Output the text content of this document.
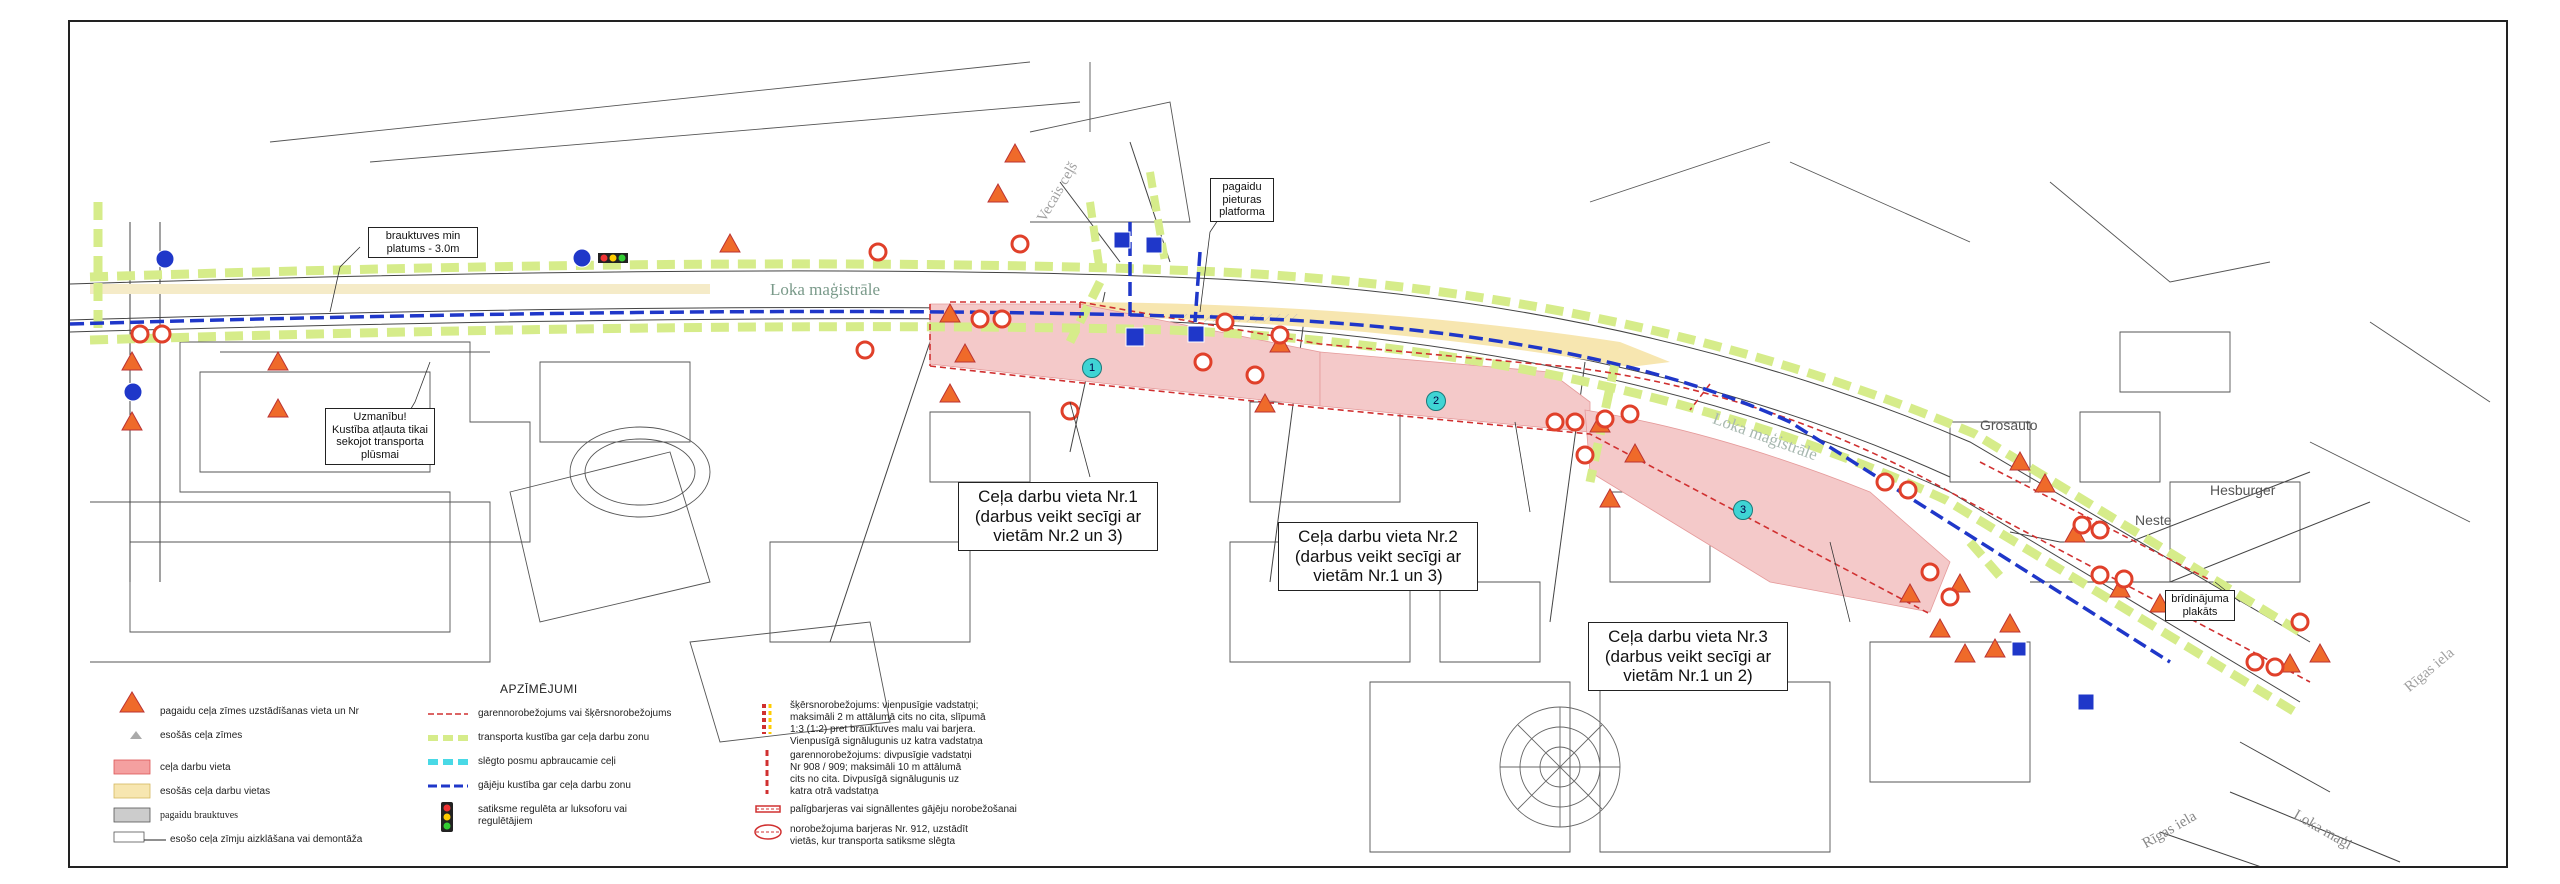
Loka maģistrāle
Loka maģistrāle
Vecais ceļš
Rīgas iela
Loka maģi
Rīgas iela
Grosauto
Hesburger
Neste
brauktuves min
platums - 3.0m
pagaidu
pieturas
platforma
Uzmanību!
Kustība atļauta tikai
sekojot transporta
plūsmai
brīdinājuma
plakāts
Ceļa darbu vieta Nr.1
(darbus veikt secīgi ar
vietām Nr.2 un 3)	Ceļa darbu vieta Nr.2
(darbus veikt secīgi ar
vietām Nr.1 un 3)
Ceļa darbu vieta Nr.3
(darbus veikt secīgi ar
vietām Nr.1 un 2)
1
2
3
APZĪMĒJUMI
pagaidu ceļa zīmes uzstādīšanas vieta un Nr
esošās ceļa zīmes
ceļa darbu vieta
esošās ceļa darbu vietas
pagaidu brauktuves
esošo ceļa zīmju aizklāšana vai demontāža
garennorobežojums vai šķērsnorobežojums
transporta kustība gar ceļa darbu zonu
slēgto posmu apbraucamie ceļi
gājēju kustība gar ceļa darbu zonu
satiksme regulēta ar luksoforu vai
regulētājiem
šķērsnorobežojums: vienpusīgie vadstatņi;
maksimāli 2 m attālumā cits no cita, slīpumā
1:3 (1:2) pret brauktuves malu vai barjera.
Vienpusīgā signālugunis uz katra vadstatņa
garennorobežojums: divpusīgie vadstatņi
Nr 908 / 909; maksimāli 10 m attālumā
cits no cita. Divpusīgā signālugunis uz
katra otrā vadstatņa
palīgbarjeras vai signāllentes gājēju norobežošanai
norobežojuma barjeras Nr. 912, uzstādīt
vietās, kur transporta satiksme slēgta
